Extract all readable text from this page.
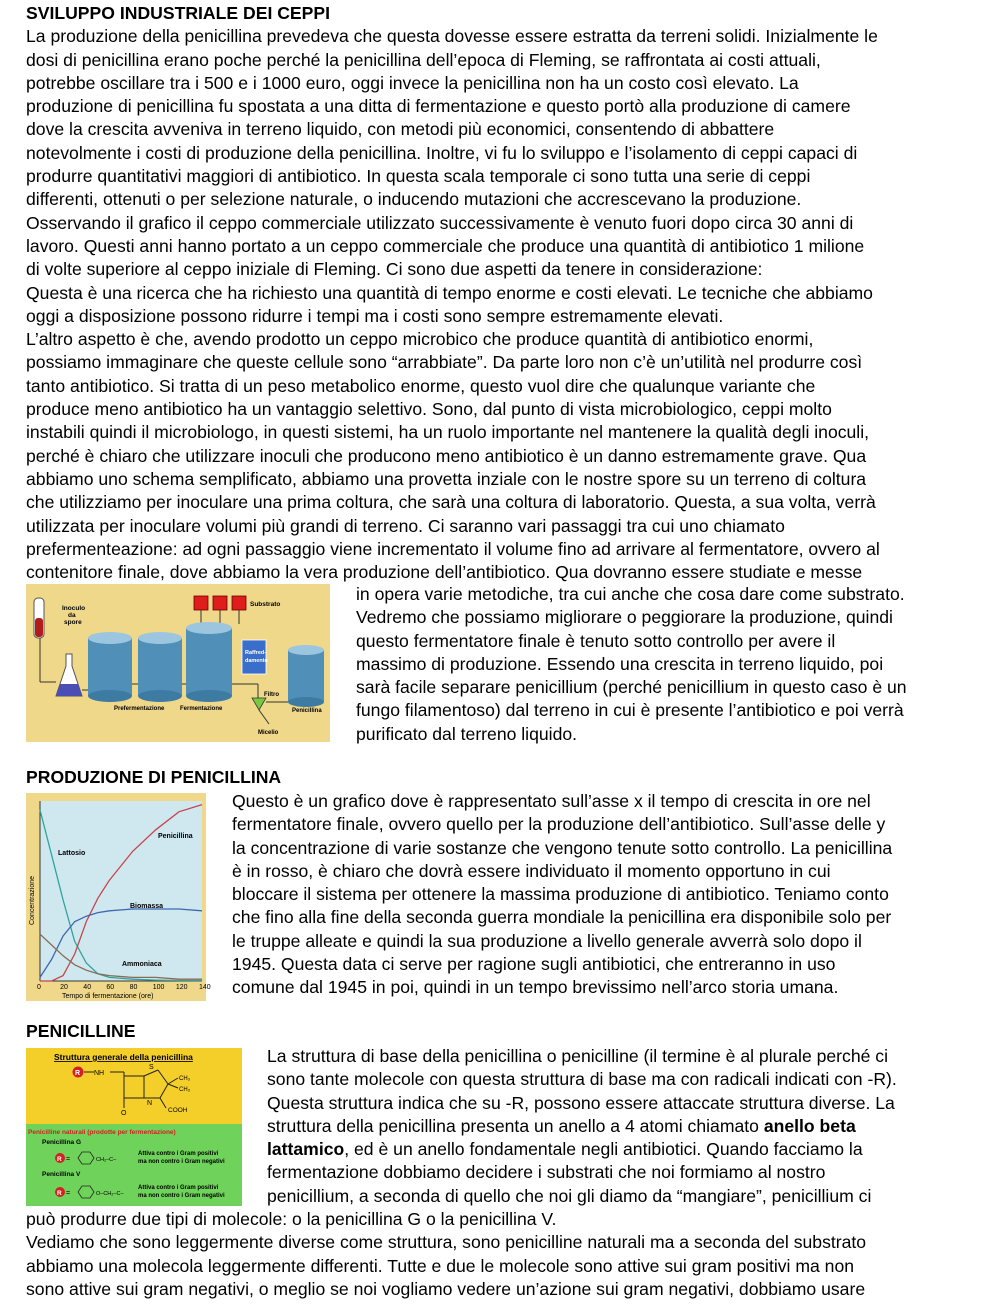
SVILUPPO INDUSTRIALE DEI CEPPI

La produzione della penicillina prevedeva che questa dovesse essere estratta da terreni solidi. Inizialmente le

dosi di penicillina erano poche perché la penicillina dell’epoca di Fleming, se raffrontata ai costi attuali,

potrebbe oscillare tra i 500 e i 1000 euro, oggi invece la penicillina non ha un costo così elevato. La

produzione di penicillina fu spostata a una ditta di fermentazione e questo portò alla produzione di camere

dove la crescita avveniva in terreno liquido, con metodi più economici, consentendo di abbattere

notevolmente i costi di produzione della penicillina. Inoltre, vi fu lo sviluppo e l’isolamento di ceppi capaci di

produrre quantitativi maggiori di antibiotico. In questa scala temporale ci sono tutta una serie di ceppi

differenti, ottenuti o per selezione naturale, o inducendo mutazioni che accrescevano la produzione.

Osservando il grafico il ceppo commerciale utilizzato successivamente è venuto fuori dopo circa 30 anni di

lavoro. Questi anni hanno portato a un ceppo commerciale che produce una quantità di antibiotico 1 milione

di volte superiore al ceppo iniziale di Fleming. Ci sono due aspetti da tenere in considerazione:

Questa è una ricerca che ha richiesto una quantità di tempo enorme e costi elevati. Le tecniche che abbiamo

oggi a disposizione possono ridurre i tempi ma i costi sono sempre estremamente elevati.

L’altro aspetto è che, avendo prodotto un ceppo microbico che produce quantità di antibiotico enormi,

possiamo immaginare che queste cellule sono “arrabbiate”. Da parte loro non c’è un’utilità nel produrre così

tanto antibiotico. Si tratta di un peso metabolico enorme, questo vuol dire che qualunque variante che

produce meno antibiotico ha un vantaggio selettivo. Sono, dal punto di vista microbiologico, ceppi molto

instabili quindi il microbiologo, in questi sistemi, ha un ruolo importante nel mantenere la qualità degli inoculi,

perché è chiaro che utilizzare inoculi che producono meno antibiotico è un danno estremamente grave. Qua

abbiamo uno schema semplificato, abbiamo una provetta inziale con le nostre spore su un terreno di coltura

che utilizziamo per inoculare una prima coltura, che sarà una coltura di laboratorio. Questa, a sua volta, verrà

utilizzata per inoculare volumi più grandi di terreno. Ci saranno vari passaggi tra cui uno chiamato

prefermenteazione: ad ogni passaggio viene incrementato il volume fino ad arrivare al fermentatore, ovvero al

contenitore finale, dove abbiamo la vera produzione dell’antibiotico. Qua dovranno essere studiate e messe

Inoculo
da
spore
Substrato
Raffred-
damento
Filtro
Prefermentazione	Fermentazione	Penicillina
Micelio

in opera varie metodiche, tra cui anche che cosa dare come substrato.

Vedremo che possiamo migliorare o peggiorare la produzione, quindi

questo fermentatore finale è tenuto sotto controllo per avere il

massimo di produzione. Essendo una crescita in terreno liquido, poi

sarà facile separare penicillium (perché penicillium in questo caso è un

fungo filamentoso) dal terreno in cui è presente l’antibiotico e poi verrà

purificato dal terreno liquido.

PRODUZIONE DI PENICILLINA
0	20 40 60 80 100 120 140
Concentrazione
Tempo di fermentazione (ore)
Lattosio
Penicillina
Biomassa
Ammoniaca

Questo è un grafico dove è rappresentato sull’asse x il tempo di crescita in ore nel

fermentatore finale, ovvero quello per la produzione dell’antibiotico. Sull’asse delle y

la concentrazione di varie sostanze che vengono tenute sotto controllo. La penicillina

è in rosso, è chiaro che dovrà essere individuato il momento opportuno in cui

bloccare il sistema per ottenere la massima produzione di antibiotico. Teniamo conto

che fino alla fine della seconda guerra mondiale la penicillina era disponibile solo per

le truppe alleate e quindi la sua produzione a livello generale avverrà solo dopo il

1945. Questa data ci serve per ragione sugli antibiotici, che entreranno in uso

comune dal 1945 in poi, quindi in un tempo brevissimo nell’arco storia umana.

PENICILLINE
Struttura generale della penicillina
R NH
S
CH₃
CH₃
COOH
O
N
Penicilline naturali (prodotte per fermentazione)
Penicillina G
R =	CH₂–C–
Attiva contro i Gram positivi
ma non contro i Gram negativi
Penicillina V
R =	O–CH₂–C–
Attiva contro i Gram positivi
ma non contro i Gram negativi

La struttura di base della penicillina o penicilline (il termine è al plurale perché ci

sono tante molecole con questa struttura di base ma con radicali indicati con -R).

Questa struttura indica che su -R, possono essere attaccate struttura diverse. La

struttura della penicillina presenta un anello a 4 atomi chiamato anello beta

lattamico, ed è un anello fondamentale negli antibiotici. Quando facciamo la

fermentazione dobbiamo decidere i substrati che noi formiamo al nostro

penicillium, a seconda di quello che noi gli diamo da “mangiare”, penicillium ci

può produrre due tipi di molecole: o la penicillina G o la penicillina V.

Vediamo che sono leggermente diverse come struttura, sono penicilline naturali ma a seconda del substrato

abbiamo una molecola leggermente differenti. Tutte e due le molecole sono attive sui gram positivi ma non

sono attive sui gram negativi, o meglio se noi vogliamo vedere un’azione sui gram negativi, dobbiamo usare
